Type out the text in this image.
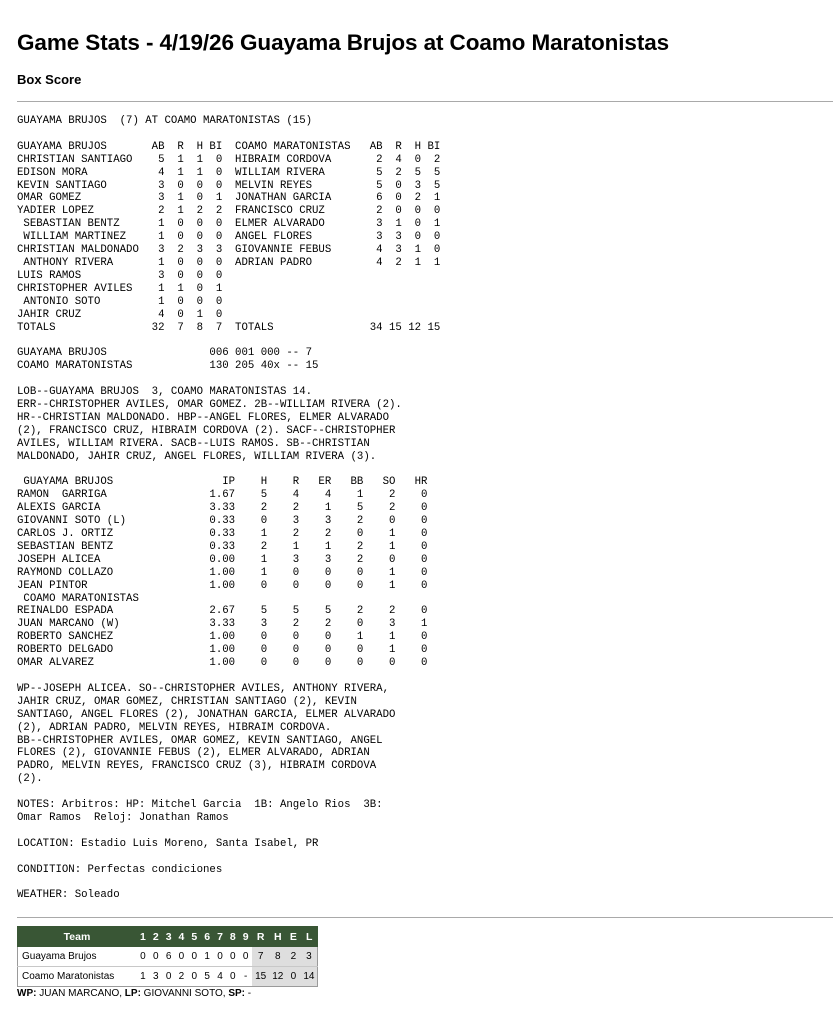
Game Stats - 4/19/26 Guayama Brujos at Coamo Maratonistas
Box Score
GUAYAMA BRUJOS  (7) AT COAMO MARATONISTAS (15)

GUAYAMA BRUJOS       AB  R  H BI  COAMO MARATONISTAS   AB  R  H BI
CHRISTIAN SANTIAGO    5  1  1  0  HIBRAIM CORDOVA       2  4  0  2
EDISON MORA           4  1  1  0  WILLIAM RIVERA        5  2  5  5
KEVIN SANTIAGO        3  0  0  0  MELVIN REYES          5  0  3  5
OMAR GOMEZ            3  1  0  1  JONATHAN GARCIA       6  0  2  1
YADIER LOPEZ          2  1  2  2  FRANCISCO CRUZ        2  0  0  0
SEBASTIAN BENTZ      1  0  0  0  ELMER ALVARADO        3  1  0  1
WILLIAM MARTINEZ     1  0  0  0  ANGEL FLORES          3  3  0  0
CHRISTIAN MALDONADO   3  2  3  3  GIOVANNIE FEBUS       4  3  1  0
ANTHONY RIVERA       1  0  0  0  ADRIAN PADRO          4  2  1  1
LUIS RAMOS            3  0  0  0
CHRISTOPHER AVILES    1  1  0  1
ANTONIO SOTO         1  0  0  0
JAHIR CRUZ            4  0  1  0
TOTALS               32  7  8  7  TOTALS               34 15 12 15

GUAYAMA BRUJOS                006 001 000 -- 7
COAMO MARATONISTAS            130 205 40x -- 15

LOB--GUAYAMA BRUJOS  3, COAMO MARATONISTAS 14.
ERR--CHRISTOPHER AVILES, OMAR GOMEZ. 2B--WILLIAM RIVERA (2).
HR--CHRISTIAN MALDONADO. HBP--ANGEL FLORES, ELMER ALVARADO
(2), FRANCISCO CRUZ, HIBRAIM CORDOVA (2). SACF--CHRISTOPHER
AVILES, WILLIAM RIVERA. SACB--LUIS RAMOS. SB--CHRISTIAN
MALDONADO, JAHIR CRUZ, ANGEL FLORES, WILLIAM RIVERA (3).

GUAYAMA BRUJOS                 IP    H    R   ER   BB   SO   HR
RAMON  GARRIGA                1.67    5    4    4    1    2    0
ALEXIS GARCIA                 3.33    2    2    1    5    2    0
GIOVANNI SOTO (L)             0.33    0    3    3    2    0    0
CARLOS J. ORTIZ               0.33    1    2    2    0    1    0
SEBASTIAN BENTZ               0.33    2    1    1    2    1    0
JOSEPH ALICEA                 0.00    1    3    3    2    0    0
RAYMOND COLLAZO               1.00    1    0    0    0    1    0
JEAN PINTOR                   1.00    0    0    0    0    1    0
COAMO MARATONISTAS
REINALDO ESPADA               2.67    5    5    5    2    2    0
JUAN MARCANO (W)              3.33    3    2    2    0    3    1
ROBERTO SANCHEZ               1.00    0    0    0    1    1    0
ROBERTO DELGADO               1.00    0    0    0    0    1    0
OMAR ALVAREZ                  1.00    0    0    0    0    0    0

WP--JOSEPH ALICEA. SO--CHRISTOPHER AVILES, ANTHONY RIVERA,
JAHIR CRUZ, OMAR GOMEZ, CHRISTIAN SANTIAGO (2), KEVIN
SANTIAGO, ANGEL FLORES (2), JONATHAN GARCIA, ELMER ALVARADO
(2), ADRIAN PADRO, MELVIN REYES, HIBRAIM CORDOVA.
BB--CHRISTOPHER AVILES, OMAR GOMEZ, KEVIN SANTIAGO, ANGEL
FLORES (2), GIOVANNIE FEBUS (2), ELMER ALVARADO, ADRIAN
PADRO, MELVIN REYES, FRANCISCO CRUZ (3), HIBRAIM CORDOVA
(2).

NOTES: Arbitros: HP: Mitchel Garcia  1B: Angelo Rios  3B:
Omar Ramos  Reloj: Jonathan Ramos

LOCATION: Estadio Luis Moreno, Santa Isabel, PR

CONDITION: Perfectas condiciones

WEATHER: Soleado
Team	1	2	3	4	5	6	7	8	9	R	H	E	L
Guayama Brujos	0	0	6	0	0	1	0	0	0	7	8	2	3
Coamo Maratonistas	1	3	0	2	0	5	4	0	-	15	12	0	14
WP: JUAN MARCANO, LP: GIOVANNI SOTO, SP: -
